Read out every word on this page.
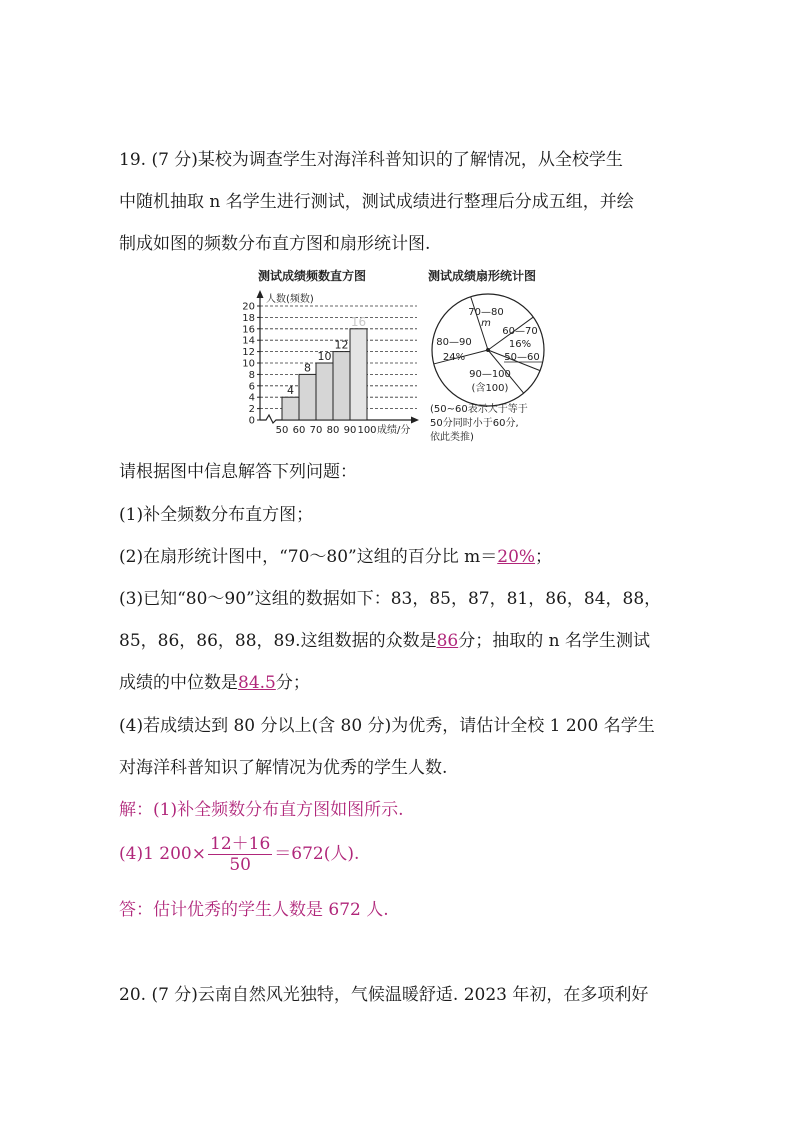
19. (7 分)某校为调查学生对海洋科普知识的了解情况，从全校学生
中随机抽取 n 名学生进行测试，测试成绩进行整理后分成五组，并绘
制成如图的频数分布直方图和扇形统计图.
测试成绩频数直方图
人数(频数)
0
2
4
6
8
10
12
14
16
18
20
4
8
10
12
16
50 60 70 80 90 100 成绩/分
测试成绩扇形统计图
70—80
m
60—70
16%
50—60
90—100
(含100)
80—90
24%
(50~60表示大于等于
50分同时小于60分,
依此类推)
请根据图中信息解答下列问题：
(1)补全频数分布直方图；
(2)在扇形统计图中，“70～80”这组的百分比 m＝20%；
(3)已知“80～90”这组的数据如下：83，85，87，81，86，84，88，
85，86，86，88，89.这组数据的众数是86分；抽取的 n 名学生测试
成绩的中位数是84.5分；
(4)若成绩达到 80 分以上(含 80 分)为优秀，请估计全校 1 200 名学生
对海洋科普知识了解情况为优秀的学生人数.
解：(1)补全频数分布直方图如图所示.
(4)1 $200\times \frac{12+16}{50} =672$(人).
答：估计优秀的学生人数是 672 人.
20. (7 分)云南自然风光独特，气候温暖舒适. 2023 年初，在多项利好
